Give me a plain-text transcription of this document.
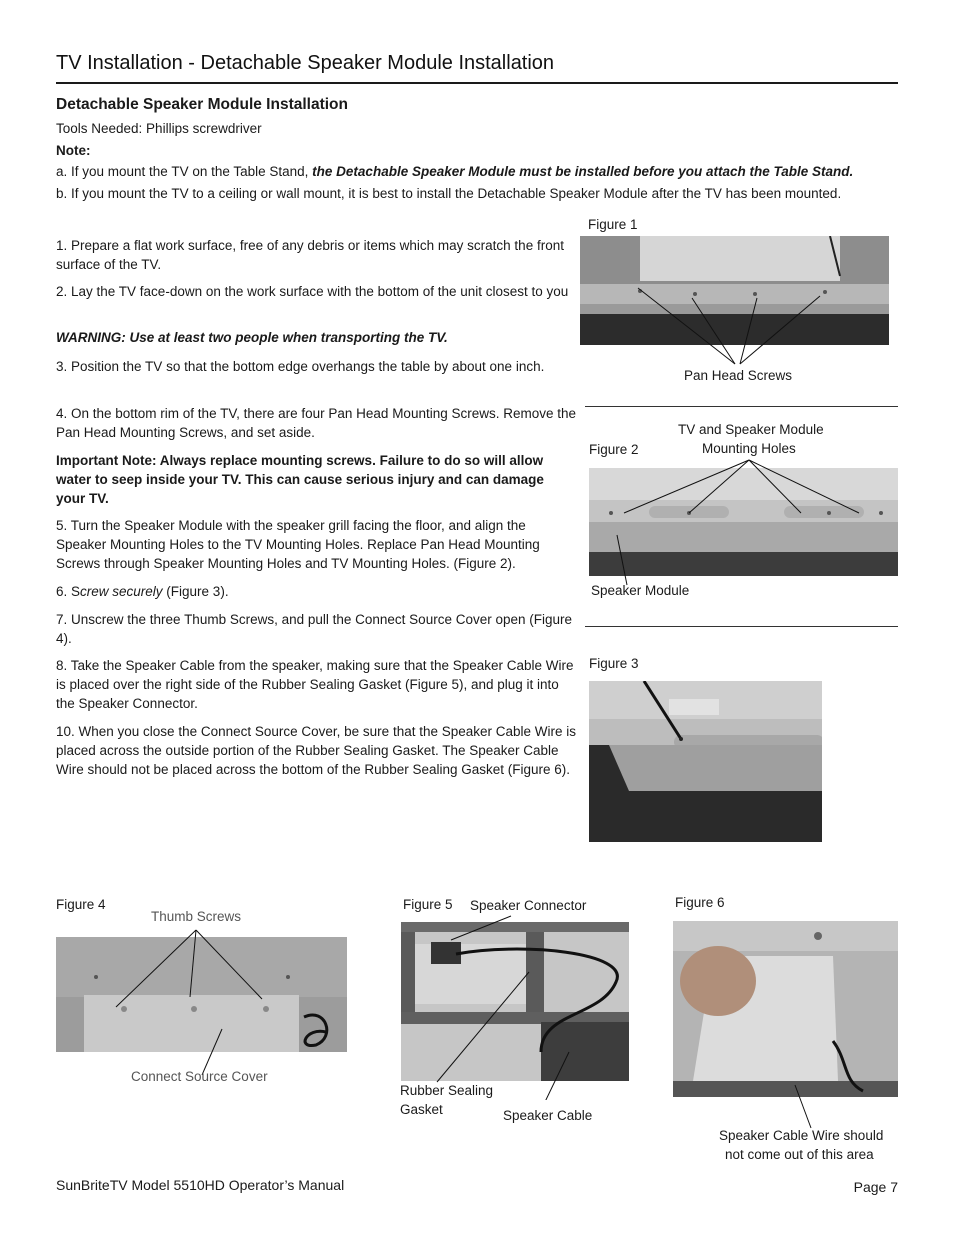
TV Installation - Detachable Speaker Module Installation
Detachable Speaker Module Installation
Tools Needed: Phillips screwdriver
Note:
a. If you mount the TV on the Table Stand, the Detachable Speaker Module must be installed before you attach the Table Stand.
b. If you mount the TV to a ceiling or wall mount, it is best to install the Detachable Speaker Module after the TV has been mounted.
1. Prepare a flat work surface, free of any debris or items which may scratch the front surface of the TV.
2. Lay the TV face-down on the work surface with the bottom of the unit closest to you
WARNING: Use at least two people when transporting the TV.
3. Position the TV so that the bottom edge overhangs the table by about one inch.
4. On the bottom rim of the TV, there are four Pan Head Mounting Screws. Remove the Pan Head Mounting Screws, and set aside.
Important Note: Always replace mounting screws. Failure to do so will allow water to seep inside your TV. This can cause serious injury and can damage your TV.
5. Turn the Speaker Module with the speaker grill facing the floor, and align the Speaker Mounting Holes to the TV Mounting Holes. Replace Pan Head Mounting Screws through Speaker Mounting Holes and TV Mounting Holes. (Figure 2).
6. Screw securely (Figure 3).
7. Unscrew the three Thumb Screws, and pull the Connect Source Cover open (Figure 4).
8. Take the Speaker Cable from the speaker, making sure that the Speaker Cable Wire is placed over the right side of the Rubber Sealing Gasket (Figure 5), and plug it into the Speaker Connector.
10. When you close the Connect Source Cover, be sure that the Speaker Cable Wire is placed across the outside portion of the Rubber Sealing Gasket. The Speaker Cable Wire should not be placed across the bottom of the Rubber Sealing Gasket (Figure 6).
Figure 1
Pan Head Screws
TV and Speaker Module
Mounting Holes
Figure 2
Speaker Module
Figure 3
Figure 4
Thumb Screws
Connect Source Cover
Figure 5 Speaker Connector
Rubber Sealing
Gasket	Speaker Cable
Figure 6
Speaker Cable Wire should
not come out of this area
SunBriteTV Model 5510HD Operator’s Manual	Page 7
